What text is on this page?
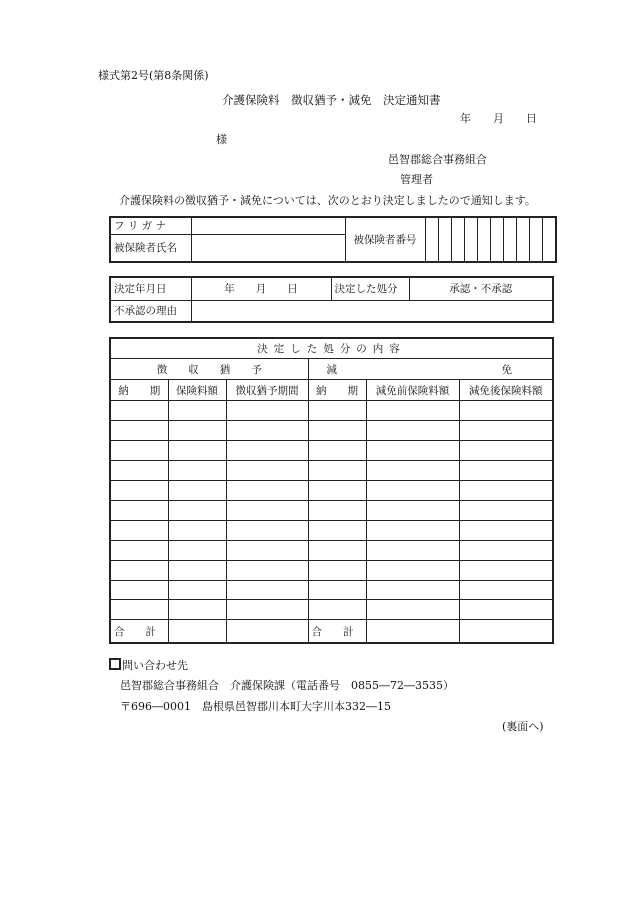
様式第2号(第8条関係)
介護保険料　徴収猶予・減免　決定通知書
年　　月　　日
様
邑智郡総合事務組合
管理者
介護保険料の徴収猶予・減免については、次のとおり決定しましたので通知します。
フ リ ガ ナ		被保険者番号										
被保険者氏名												
決定年月日	年　　月　　日	決定した処分	承認・不承認
不承認の理由			
決定した処分の内容					
徴　　収　　猶　　予			減 免		

納　　期	保険料額	徴収猶予期間	納　　期	減免前保険料額	減免後保険料額

合　　計			合　　計		
問い合わせ先
邑智郡総合事務組合　介護保険課（電話番号　0855―72―3535）
〒696―0001　島根県邑智郡川本町大字川本332―15
(裏面へ)
